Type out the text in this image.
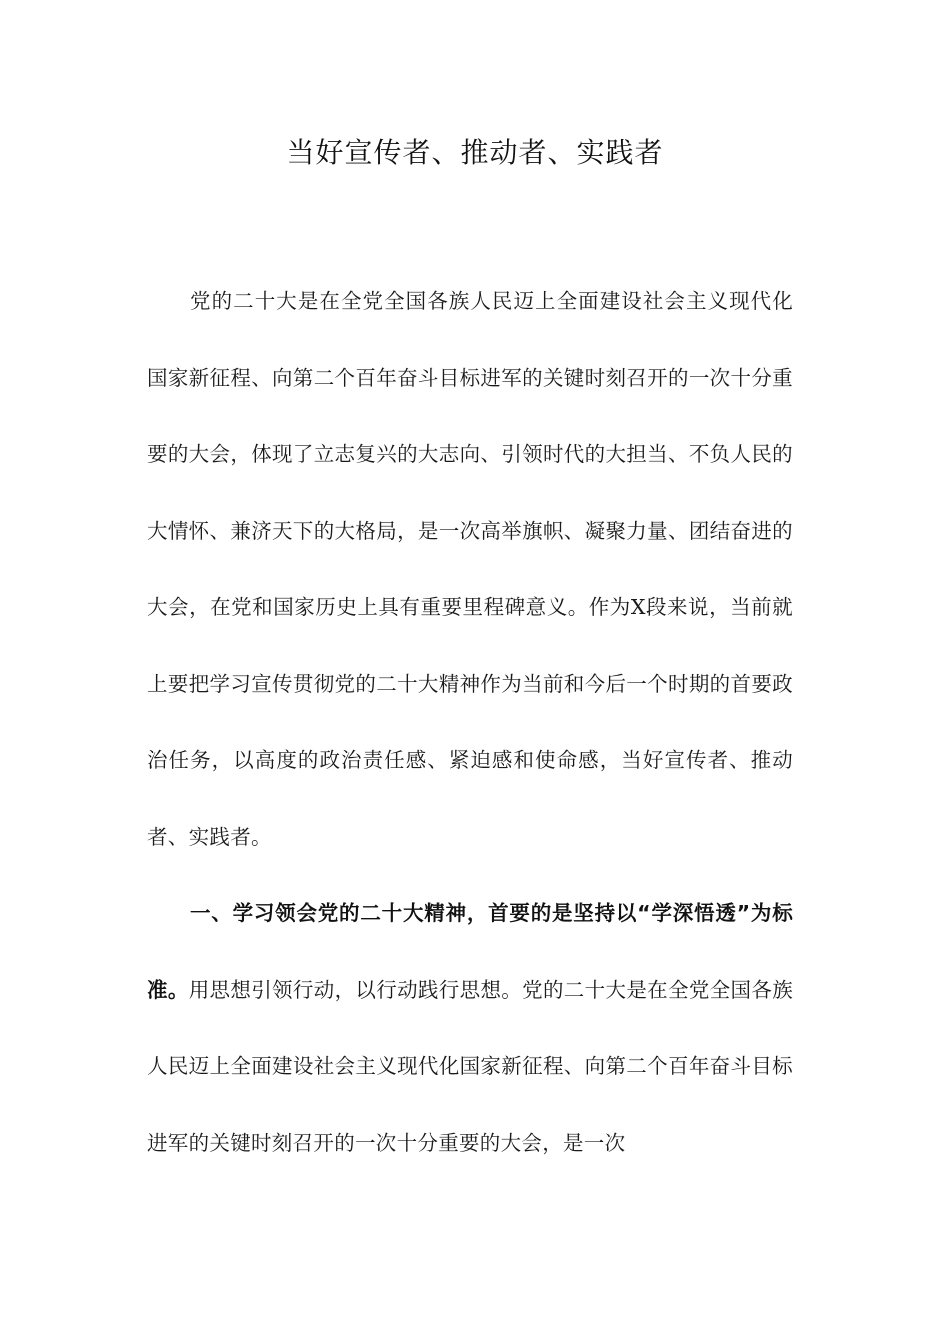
当好宣传者、推动者、实践者

党的二十大是在全党全国各族人民迈上全面建设社会主义现代化国家新征程、向第二个百年奋斗目标进军的关键时刻召开的一次十分重要的大会，体现了立志复兴的大志向、引领时代的大担当、不负人民的大情怀、兼济天下的大格局，是一次高举旗帜、凝聚力量、团结奋进的大会，在党和国家历史上具有重要里程碑意义。作为X段来说，当前就上要把学习宣传贯彻党的二十大精神作为当前和今后一个时期的首要政治任务，以高度的政治责任感、紧迫感和使命感，当好宣传者、推动者、实践者。

一、学习领会党的二十大精神，首要的是坚持以“学深悟透”为标准。用思想引领行动，以行动践行思想。党的二十大是在全党全国各族人民迈上全面建设社会主义现代化国家新征程、向第二个百年奋斗目标进军的关键时刻召开的一次十分重要的大会，是一次
